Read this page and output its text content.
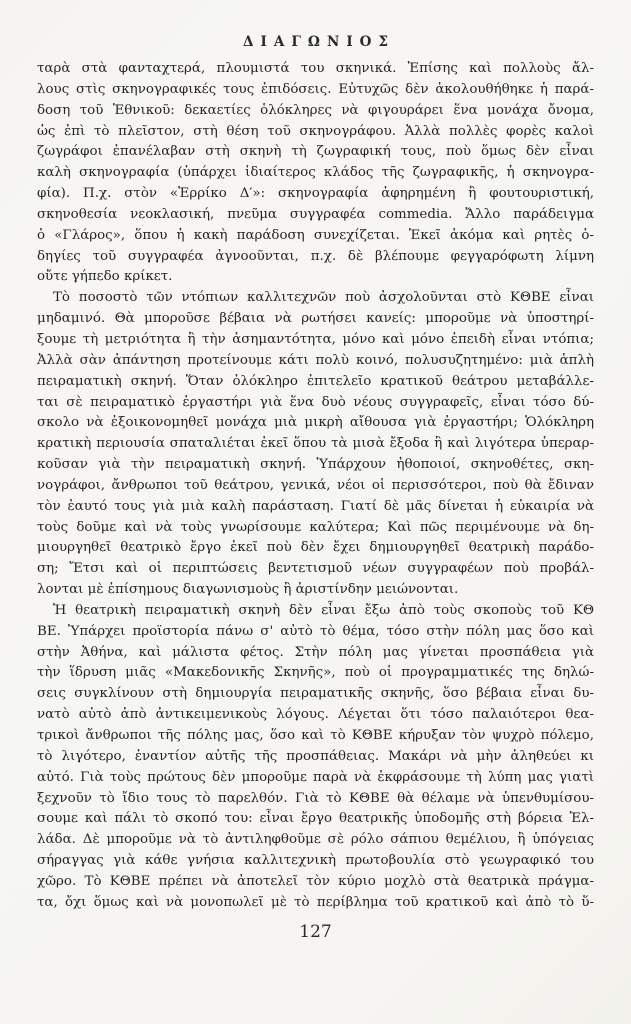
ΔΙΑΓΩΝΙΟΣ
ταρὰ στὰ φανταχτερά, πλουμιστά του σκηνικά. Ἐπίσης καὶ πολλοὺς ἄλ-
λους στὶς σκηνογραφικές τους ἐπιδόσεις. Εὐτυχῶς δὲν ἀκολουθήθηκε ἡ παρά-
δοση τοῦ Ἐθνικοῦ: δεκαετίες ὁλόκληρες νὰ φιγουράρει ἕνα μονάχα ὄνομα,
ὡς ἐπὶ τὸ πλεῖστον, στὴ θέση τοῦ σκηνογράφου. Ἀλλὰ πολλὲς φορὲς καλοὶ
ζωγράφοι ἐπανέλαβαν στὴ σκηνὴ τὴ ζωγραφική τους, ποὺ ὅμως δὲν εἶναι
καλὴ σκηνογραφία (ὑπάρχει ἰδιαίτερος κλάδος τῆς ζωγραφικῆς, ἡ σκηνογρα-
φία). Π.χ. στὸν «Ἑρρίκο Δ′»: σκηνογραφία ἀφηρημένη ἢ φουτουριστική,
σκηνοθεσία νεοκλασική, πνεῦμα συγγραφέα commedia. Ἄλλο παράδειγμα
ὁ «Γλάρος», ὅπου ἡ κακὴ παράδοση συνεχίζεται. Ἐκεῖ ἀκόμα καὶ ρητὲς ὁ-
δηγίες τοῦ συγγραφέα ἀγνοοῦνται, π.χ. δὲ βλέπουμε φεγγαρόφωτη λίμνη
οὔτε γήπεδο κρίκετ.
Τὸ ποσοστὸ τῶν ντόπιων καλλιτεχνῶν ποὺ ἀσχολοῦνται στὸ ΚΘΒΕ εἶναι
μηδαμινό. Θὰ μποροῦσε βέβαια νὰ ρωτήσει κανείς: μποροῦμε νὰ ὑποστηρί-
ξουμε τὴ μετριότητα ἢ τὴν ἀσημαντότητα, μόνο καὶ μόνο ἐπειδὴ εἶναι ντόπια;
Ἀλλὰ σὰν ἀπάντηση προτείνουμε κάτι πολὺ κοινό, πολυσυζητημένο: μιὰ ἁπλὴ
πειραματικὴ σκηνή. Ὅταν ὁλόκληρο ἐπιτελεῖο κρατικοῦ θεάτρου μεταβάλλε-
ται σὲ πειραματικὸ ἐργαστήρι γιὰ ἕνα δυὸ νέους συγγραφεῖς, εἶναι τόσο δύ-
σκολο νὰ ἐξοικονομηθεῖ μονάχα μιὰ μικρὴ αἴθουσα γιὰ ἐργαστήρι; Ὁλόκληρη
κρατικὴ περιουσία σπαταλιέται ἐκεῖ ὅπου τὰ μισὰ ἔξοδα ἢ καὶ λιγότερα ὑπεραρ-
κοῦσαν γιὰ τὴν πειραματικὴ σκηνή. Ὑπάρχουν ἠθοποιοί, σκηνοθέτες, σκη-
νογράφοι, ἄνθρωποι τοῦ θεάτρου, γενικά, νέοι οἱ περισσότεροι, ποὺ θὰ ἔδιναν
τὸν ἑαυτό τους γιὰ μιὰ καλὴ παράσταση. Γιατί δὲ μᾶς δίνεται ἡ εὐκαιρία νὰ
τοὺς δοῦμε καὶ νὰ τοὺς γνωρίσουμε καλύτερα; Καὶ πῶς περιμένουμε νὰ δη-
μιουργηθεῖ θεατρικὸ ἔργο ἐκεῖ ποὺ δὲν ἔχει δημιουργηθεῖ θεατρικὴ παράδο-
ση; Ἔτσι καὶ οἱ περιπτώσεις βεντετισμοῦ νέων συγγραφέων ποὺ προβάλ-
λονται μὲ ἐπίσημους διαγωνισμοὺς ἢ ἀριστίνδην μειώνονται.
Ἡ θεατρικὴ πειραματικὴ σκηνὴ δὲν εἶναι ἔξω ἀπὸ τοὺς σκοποὺς τοῦ ΚΘ
ΒΕ. Ὑπάρχει προϊστορία πάνω σ' αὐτὸ τὸ θέμα, τόσο στὴν πόλη μας ὅσο καὶ
στὴν Ἀθήνα, καὶ μάλιστα φέτος. Στὴν πόλη μας γίνεται προσπάθεια γιὰ
τὴν ἵδρυση μιᾶς «Μακεδονικῆς Σκηνῆς», ποὺ οἱ προγραμματικές της δηλώ-
σεις συγκλίνουν στὴ δημιουργία πειραματικῆς σκηνῆς, ὅσο βέβαια εἶναι δυ-
νατὸ αὐτὸ ἀπὸ ἀντικειμενικοὺς λόγους. Λέγεται ὅτι τόσο παλαιότεροι θεα-
τρικοὶ ἄνθρωποι τῆς πόλης μας, ὅσο καὶ τὸ ΚΘΒΕ κήρυξαν τὸν ψυχρὸ πόλεμο,
τὸ λιγότερο, ἐναντίον αὐτῆς τῆς προσπάθειας. Μακάρι νὰ μὴν ἀληθεύει κι
αὐτό. Γιὰ τοὺς πρώτους δὲν μποροῦμε παρὰ νὰ ἐκφράσουμε τὴ λύπη μας γιατὶ
ξεχνοῦν τὸ ἴδιο τους τὸ παρελθόν. Γιὰ τὸ ΚΘΒΕ θὰ θέλαμε νὰ ὑπενθυμίσου-
σουμε καὶ πάλι τὸ σκοπό του: εἶναι ἔργο θεατρικῆς ὑποδομῆς στὴ βόρεια Ἑλ-
λάδα. Δὲ μποροῦμε νὰ τὸ ἀντιληφθοῦμε σὲ ρόλο σάπιου θεμέλιου, ἢ ὑπόγειας
σήραγγας γιὰ κάθε γνήσια καλλιτεχνικὴ πρωτοβουλία στὸ γεωγραφικό του
χῶρο. Τὸ ΚΘΒΕ πρέπει νὰ ἀποτελεῖ τὸν κύριο μοχλὸ στὰ θεατρικὰ πράγμα-
τα, ὄχι ὅμως καὶ νὰ μονοπωλεῖ μὲ τὸ περίβλημα τοῦ κρατικοῦ καὶ ἀπὸ τὸ ὕ-
127
